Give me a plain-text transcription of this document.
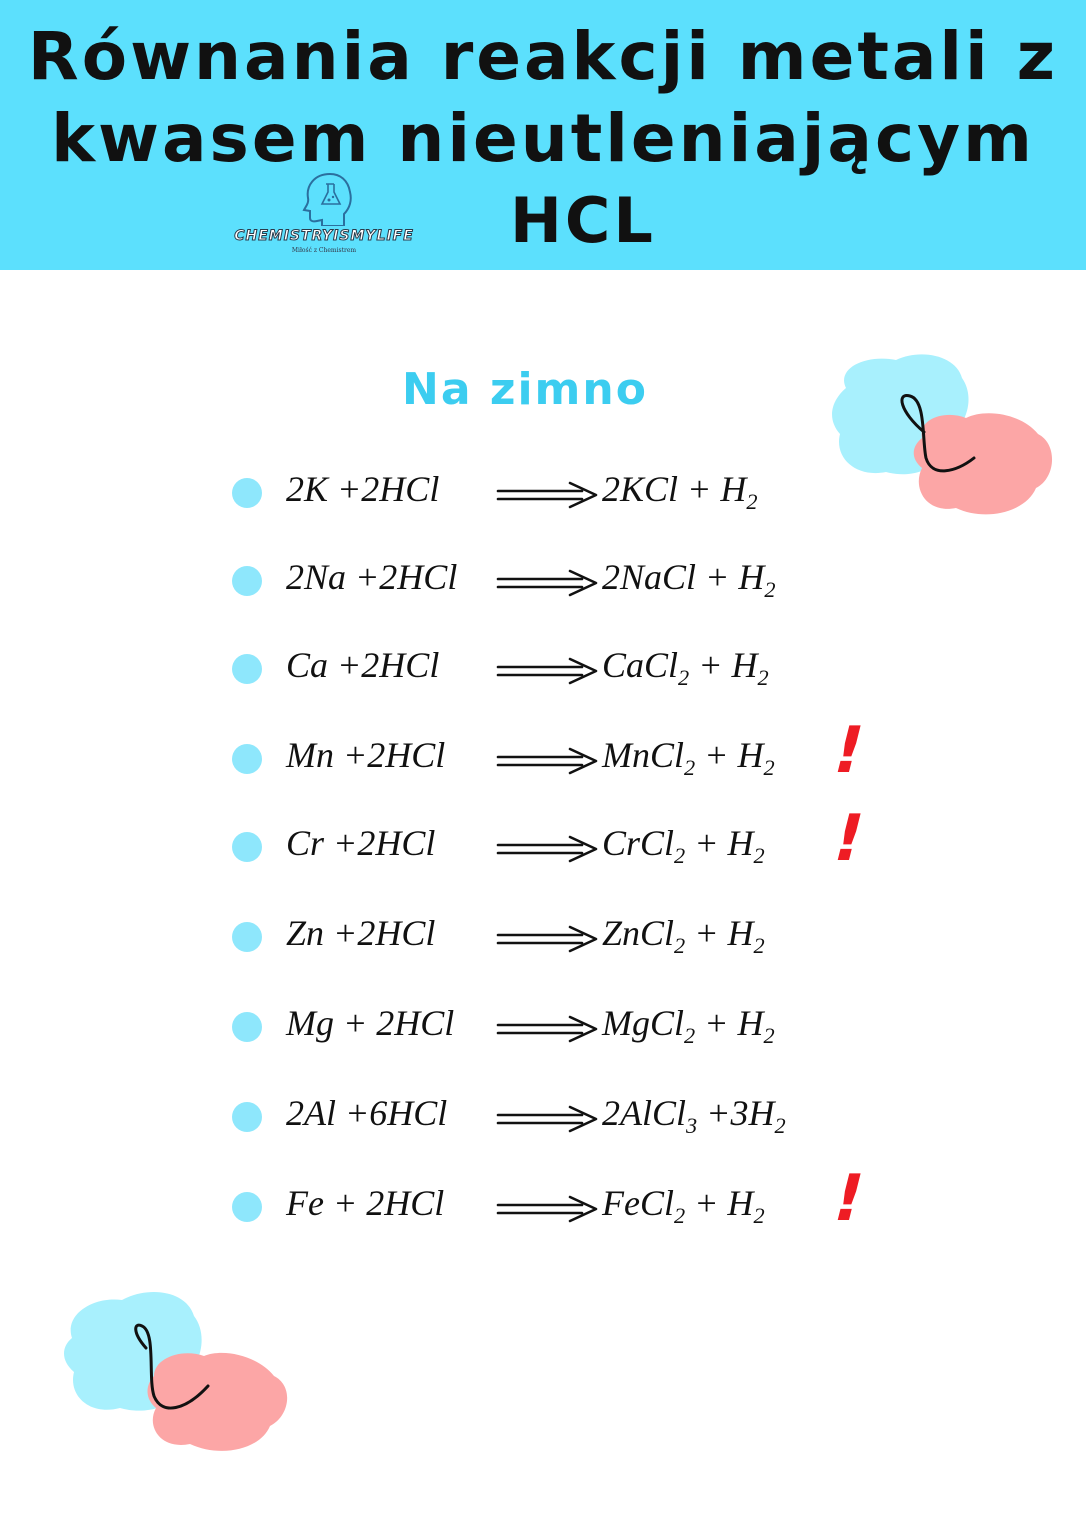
Równania reakcji metali z
kwasem nieutleniającym
HCL
CHEMISTRYISMYLIFE
Miłość z Chemistrem
Na zimno
2K +2HCl	$2KCl + H_2$
2Na +2HCl	2NaCl + $H_2$
Ca +2HCl	CaCl$_2$ + $H_2$
Mn +2HCl	MnCl$_2$ + $H_2$ !
Cr +2HCl	CrCl$_2$ + $H_2$ !
Zn +2HCl	ZnCl$_2$ + $H_2$
Mg + 2HCl	MgCl$_2$ + $H_2$
2Al +6HCl	2AlCl$_3$ $+3H_2$
Fe + 2HCl	FeCl$_2$ + $H_2$ !
